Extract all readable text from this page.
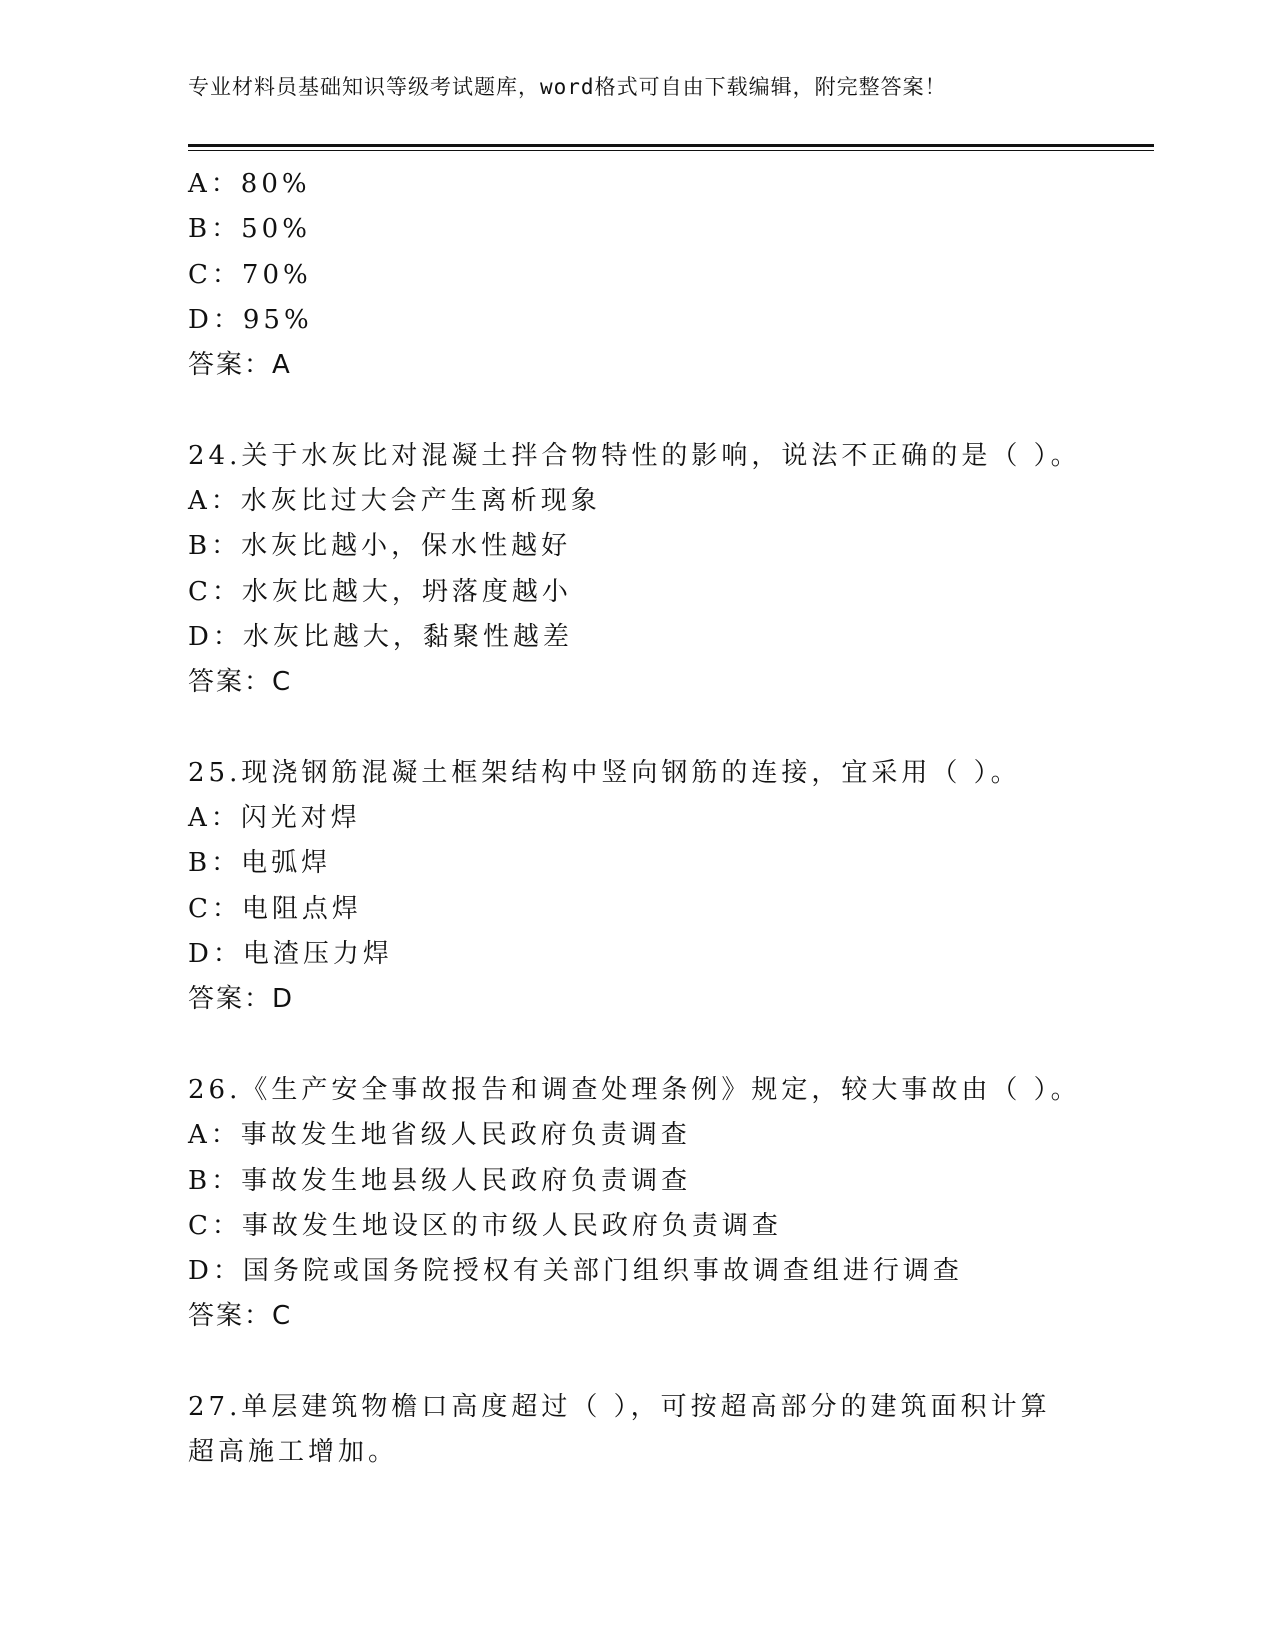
专业材料员基础知识等级考试题库，word格式可自由下载编辑，附完整答案！
A：80%
B：50%
C：70%
D：95%
答案：A
24.关于水灰比对混凝土拌合物特性的影响，说法不正确的是（ ）。
A：水灰比过大会产生离析现象
B：水灰比越小，保水性越好
C：水灰比越大，坍落度越小
D：水灰比越大，黏聚性越差
答案：C
25.现浇钢筋混凝土框架结构中竖向钢筋的连接，宜采用（ ）。
A：闪光对焊
B：电弧焊
C：电阻点焊
D：电渣压力焊
答案：D
26.《生产安全事故报告和调查处理条例》规定，较大事故由（ ）。
A：事故发生地省级人民政府负责调查
B：事故发生地县级人民政府负责调查
C：事故发生地设区的市级人民政府负责调查
D：国务院或国务院授权有关部门组织事故调查组进行调查
答案：C
27.单层建筑物檐口高度超过（ ），可按超高部分的建筑面积计算超高施工增加。
